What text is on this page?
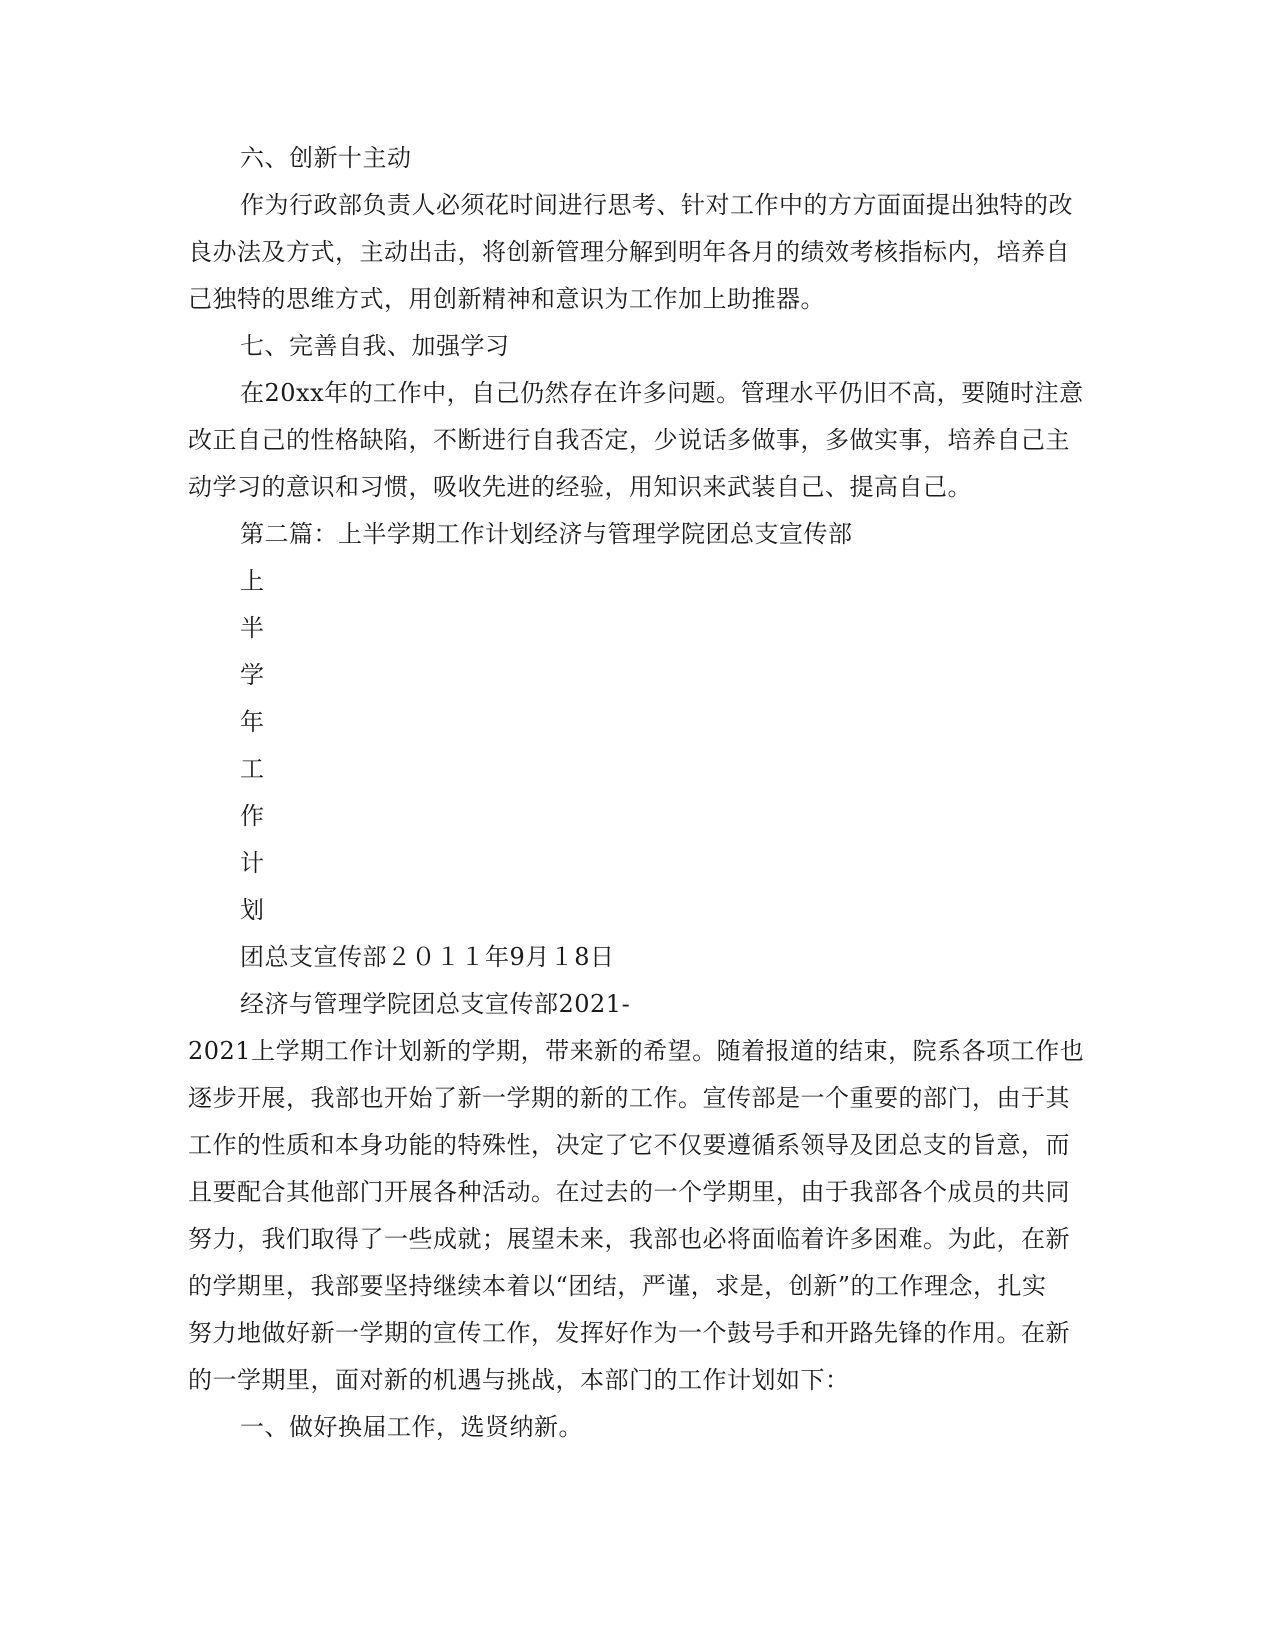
六、创新十主动
作为行政部负责人必须花时间进行思考、针对工作中的方方面面提出独特的改
良办法及方式，主动出击，将创新管理分解到明年各月的绩效考核指标内，培养自
己独特的思维方式，用创新精神和意识为工作加上助推器。
七、完善自我、加强学习
在20xx年的工作中，自己仍然存在许多问题。管理水平仍旧不高，要随时注意
改正自己的性格缺陷，不断进行自我否定，少说话多做事，多做实事，培养自己主
动学习的意识和习惯，吸收先进的经验，用知识来武装自己、提高自己。
第二篇：上半学期工作计划经济与管理学院团总支宣传部
上
半
学
年
工
作
计
划
团总支宣传部２０１１年9月１8日
经济与管理学院团总支宣传部2021-
2021上学期工作计划新的学期，带来新的希望。随着报道的结束，院系各项工作也
逐步开展，我部也开始了新一学期的新的工作。宣传部是一个重要的部门，由于其
工作的性质和本身功能的特殊性，决定了它不仅要遵循系领导及团总支的旨意，而
且要配合其他部门开展各种活动。在过去的一个学期里，由于我部各个成员的共同
努力，我们取得了一些成就；展望未来，我部也必将面临着许多困难。为此，在新
的学期里，我部要坚持继续本着以“团结，严谨，求是，创新”的工作理念，扎实
努力地做好新一学期的宣传工作，发挥好作为一个鼓号手和开路先锋的作用。在新
的一学期里，面对新的机遇与挑战，本部门的工作计划如下：
一、做好换届工作，选贤纳新。
